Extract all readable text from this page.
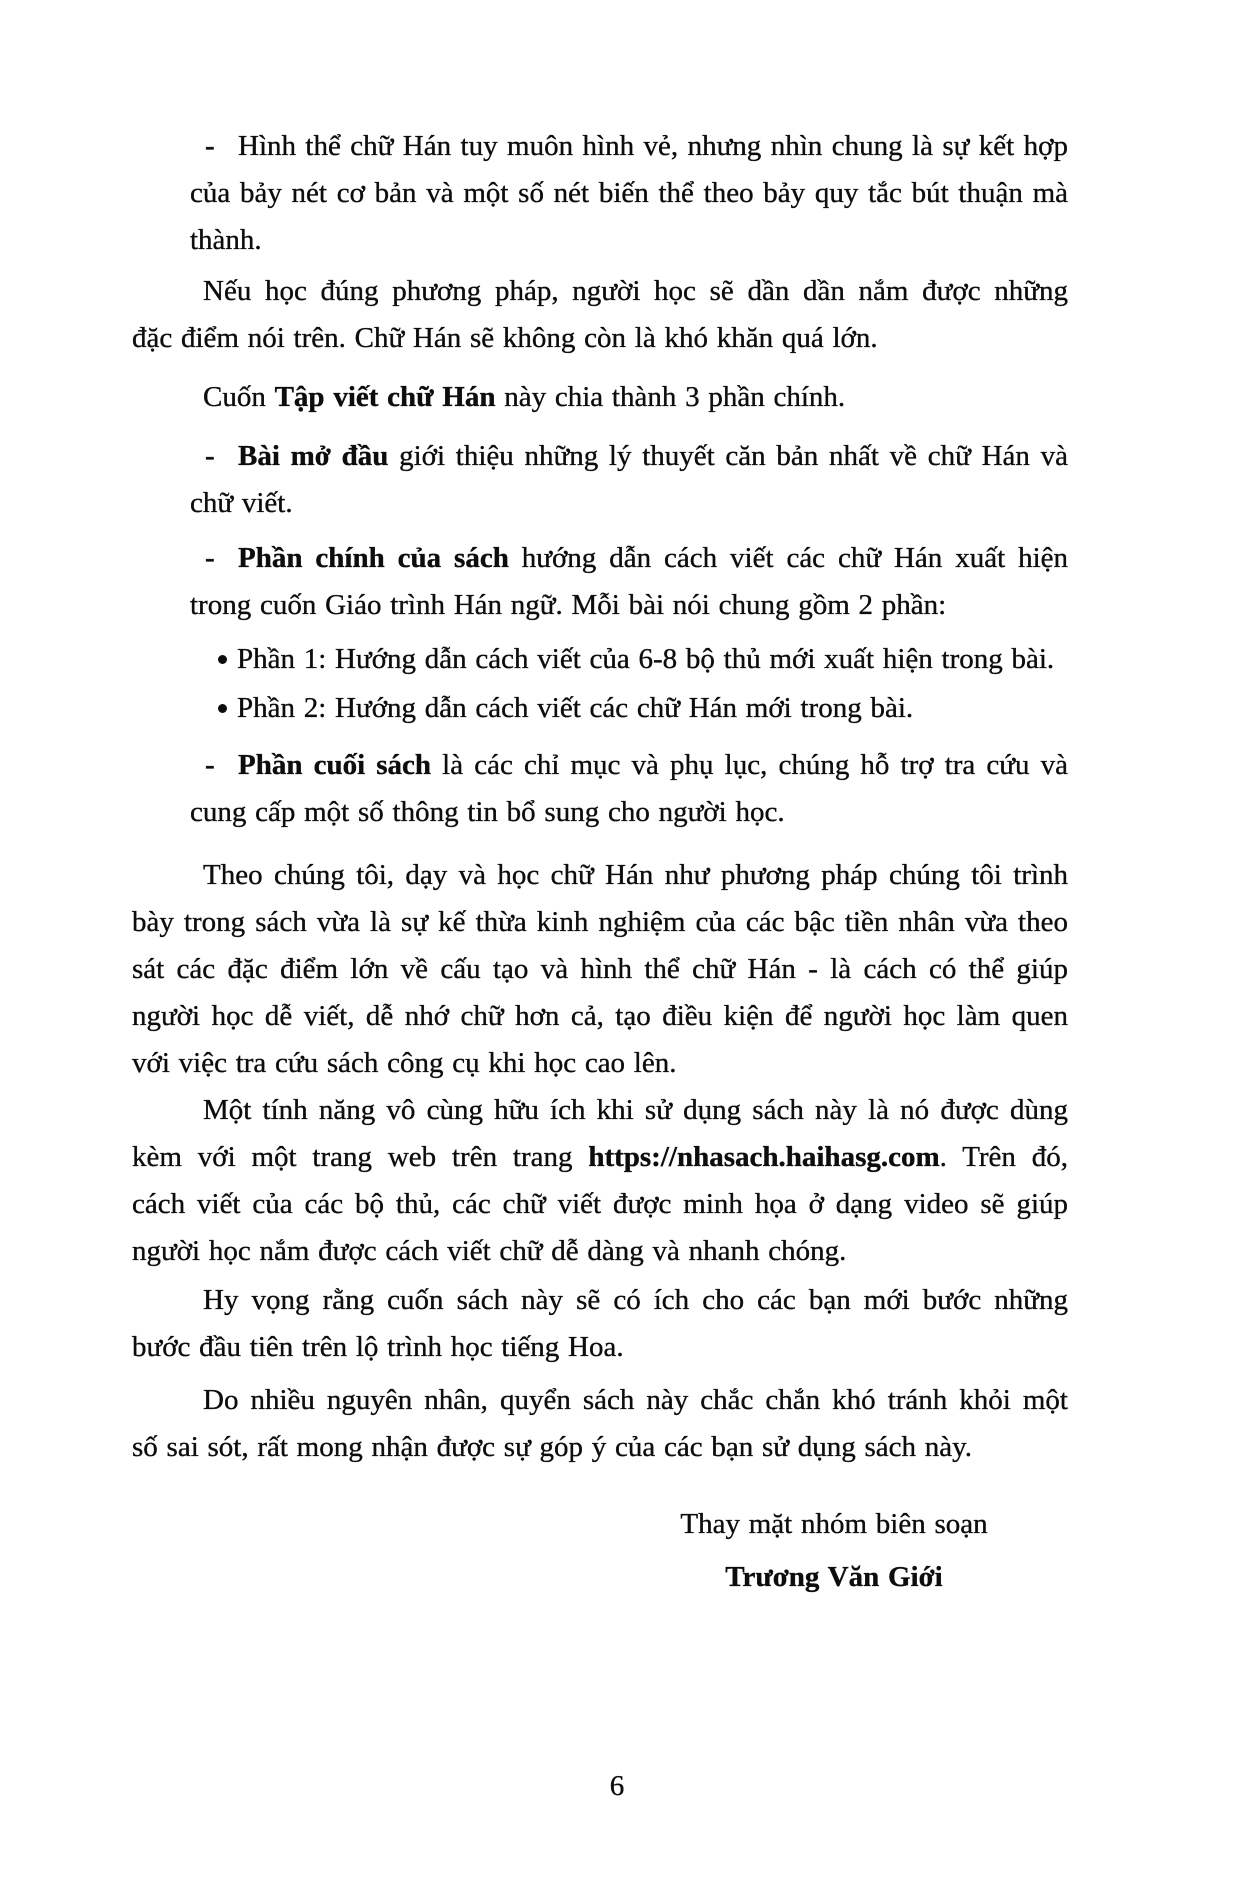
- Hình thể chữ Hán tuy muôn hình vẻ, nhưng nhìn chung là sự kết hợp
của bảy nét cơ bản và một số nét biến thể theo bảy quy tắc bút thuận mà
thành.
Nếu học đúng phương pháp, người học sẽ dần dần nắm được những
đặc điểm nói trên. Chữ Hán sẽ không còn là khó khăn quá lớn.
Cuốn Tập viết chữ Hán này chia thành 3 phần chính.
- Bài mở đầu giới thiệu những lý thuyết căn bản nhất về chữ Hán và
chữ viết.
- Phần chính của sách hướng dẫn cách viết các chữ Hán xuất hiện
trong cuốn Giáo trình Hán ngữ. Mỗi bài nói chung gồm 2 phần:
Phần 1: Hướng dẫn cách viết của 6-8 bộ thủ mới xuất hiện trong bài.
Phần 2: Hướng dẫn cách viết các chữ Hán mới trong bài.
- Phần cuối sách là các chỉ mục và phụ lục, chúng hỗ trợ tra cứu và
cung cấp một số thông tin bổ sung cho người học.
Theo chúng tôi, dạy và học chữ Hán như phương pháp chúng tôi trình
bày trong sách vừa là sự kế thừa kinh nghiệm của các bậc tiền nhân vừa theo
sát các đặc điểm lớn về cấu tạo và hình thể chữ Hán - là cách có thể giúp
người học dễ viết, dễ nhớ chữ hơn cả, tạo điều kiện để người học làm quen
với việc tra cứu sách công cụ khi học cao lên.
Một tính năng vô cùng hữu ích khi sử dụng sách này là nó được dùng
kèm với một trang web trên trang https://nhasach.haihasg.com. Trên đó,
cách viết của các bộ thủ, các chữ viết được minh họa ở dạng video sẽ giúp
người học nắm được cách viết chữ dễ dàng và nhanh chóng.
Hy vọng rằng cuốn sách này sẽ có ích cho các bạn mới bước những
bước đầu tiên trên lộ trình học tiếng Hoa.
Do nhiều nguyên nhân, quyển sách này chắc chắn khó tránh khỏi một
số sai sót, rất mong nhận được sự góp ý của các bạn sử dụng sách này.
Thay mặt nhóm biên soạn
Trương Văn Giới
6
